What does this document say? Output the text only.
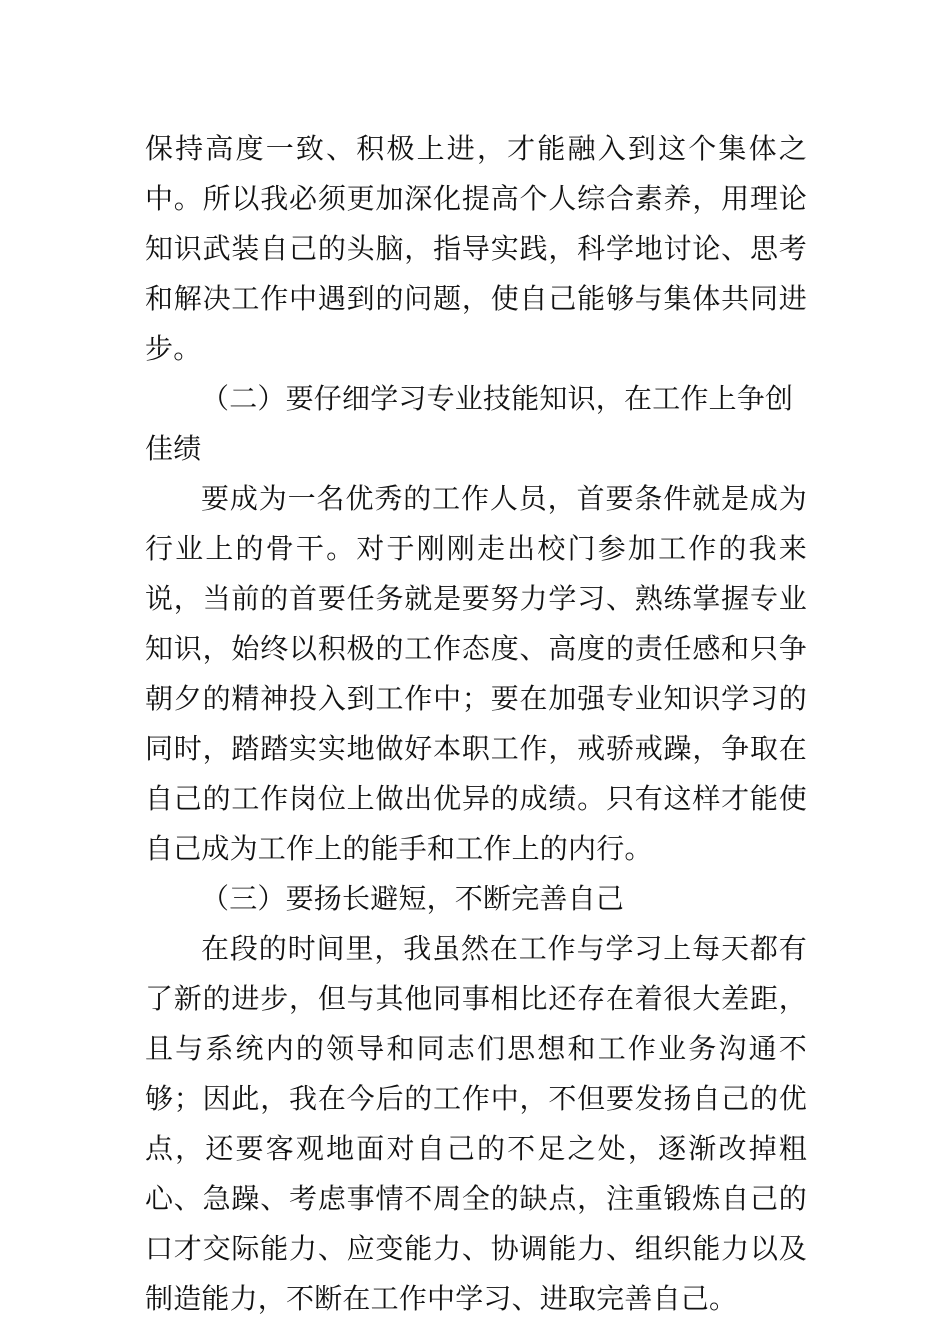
保持高度一致、积极上进，才能融入到这个集体之中。所以我必须更加深化提高个人综合素养，用理论知识武装自己的头脑，指导实践，科学地讨论、思考和解决工作中遇到的问题，使自己能够与集体共同进步。

（二）要仔细学习专业技能知识，在工作上争创佳绩

要成为一名优秀的工作人员，首要条件就是成为行业上的骨干。对于刚刚走出校门参加工作的我来说，当前的首要任务就是要努力学习、熟练掌握专业知识，始终以积极的工作态度、高度的责任感和只争朝夕的精神投入到工作中；要在加强专业知识学习的同时，踏踏实实地做好本职工作，戒骄戒躁，争取在自己的工作岗位上做出优异的成绩。只有这样才能使自己成为工作上的能手和工作上的内行。

（三）要扬长避短，不断完善自己

在段的时间里，我虽然在工作与学习上每天都有了新的进步，但与其他同事相比还存在着很大差距，且与系统内的领导和同志们思想和工作业务沟通不够；因此，我在今后的工作中，不但要发扬自己的优点，还要客观地面对自己的不足之处，逐渐改掉粗心、急躁、考虑事情不周全的缺点，注重锻炼自己的口才交际能力、应变能力、协调能力、组织能力以及制造能力，不断在工作中学习、进取完善自己。
